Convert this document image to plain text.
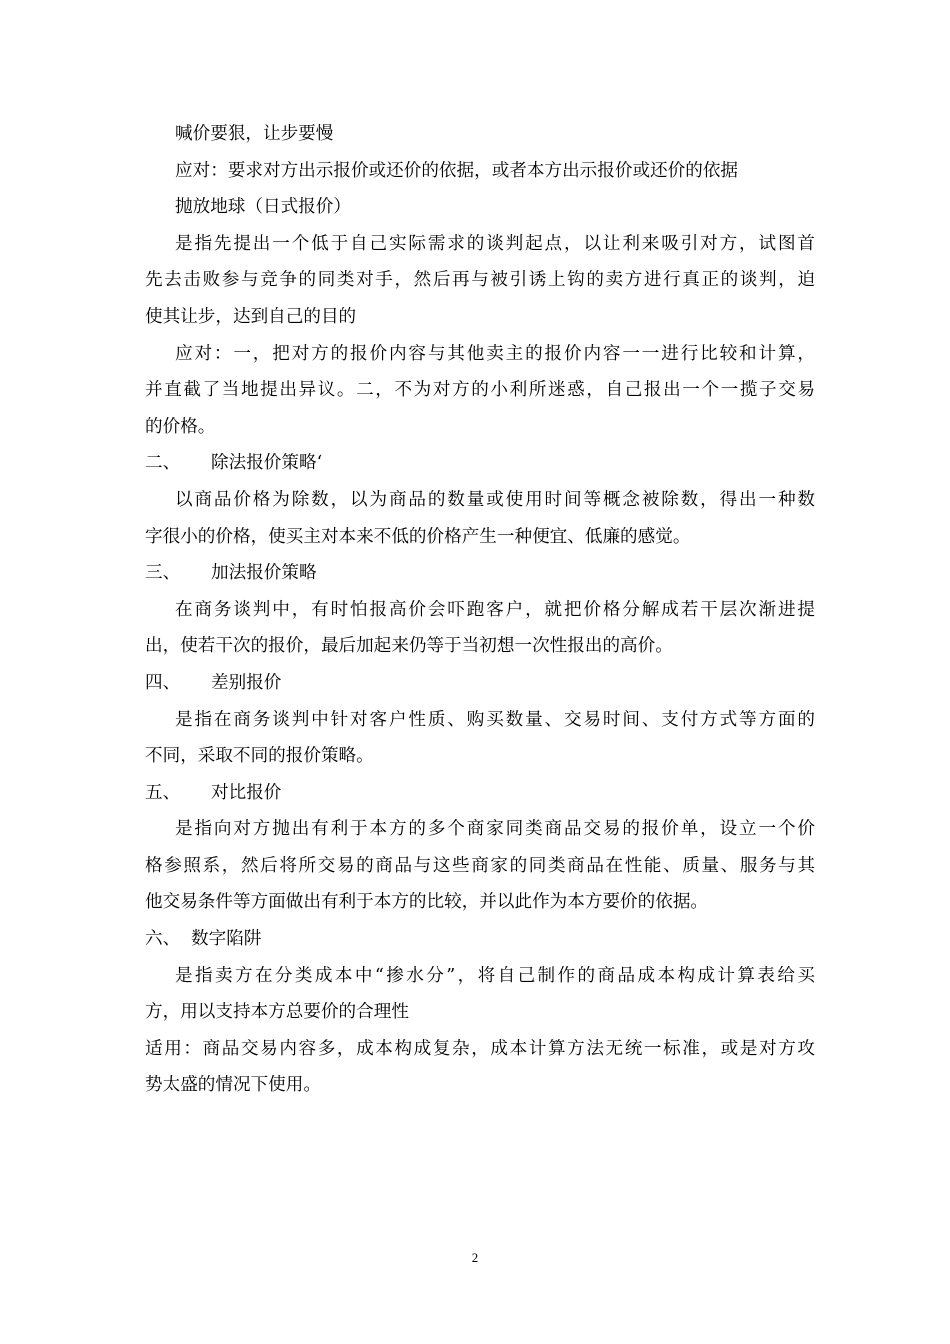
喊价要狠，让步要慢
应对：要求对方出示报价或还价的依据，或者本方出示报价或还价的依据
抛放地球（日式报价）
是指先提出一个低于自己实际需求的谈判起点，以让利来吸引对方，试图首
先去击败参与竞争的同类对手，然后再与被引诱上钩的卖方进行真正的谈判，迫
使其让步，达到自己的目的
应对：一，把对方的报价内容与其他卖主的报价内容一一进行比较和计算，
并直截了当地提出异议。二，不为对方的小利所迷惑，自己报出一个一揽子交易
的价格。
二、	除法报价策略‘
以商品价格为除数，以为商品的数量或使用时间等概念被除数，得出一种数
字很小的价格，使买主对本来不低的价格产生一种便宜、低廉的感觉。
三、	加法报价策略
在商务谈判中，有时怕报高价会吓跑客户，就把价格分解成若干层次渐进提
出，使若干次的报价，最后加起来仍等于当初想一次性报出的高价。
四、	差别报价
是指在商务谈判中针对客户性质、购买数量、交易时间、支付方式等方面的
不同，采取不同的报价策略。
五、	对比报价
是指向对方抛出有利于本方的多个商家同类商品交易的报价单，设立一个价
格参照系，然后将所交易的商品与这些商家的同类商品在性能、质量、服务与其
他交易条件等方面做出有利于本方的比较，并以此作为本方要价的依据。
六、 数字陷阱
是指卖方在分类成本中“掺水分”，将自己制作的商品成本构成计算表给买
方，用以支持本方总要价的合理性
适用：商品交易内容多，成本构成复杂，成本计算方法无统一标准，或是对方攻
势太盛的情况下使用。
2
